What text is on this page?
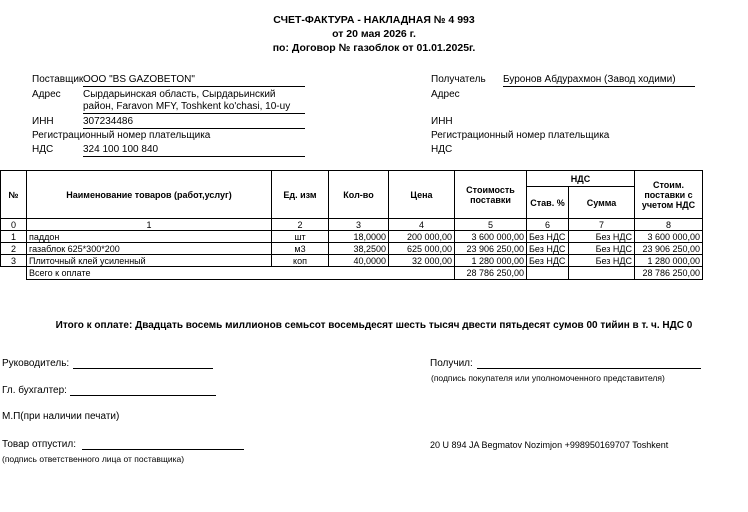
СЧЕТ-ФАКТУРА - НАКЛАДНАЯ № 4 993
от 20 мая 2026 г.
по: Договор № газоблок от 01.01.2025г.
Поставщик ООО "BS GAZOBETON"
Адрес Сырдарьинская область, Сырдарьинский
район, Faravon MFY, Toshkent ko'chasi, 10-uy
ИНН	307234486
Регистрационный номер плательщика
НДС	324 100 100 840
Получатель Буронов Абдурахмон (Завод ходими)
Адрес
ИНН
Регистрационный номер плательщика
НДС
№	Наименование товаров (работ,услуг)	Ед. изм	Кол-во	Цена	Стоимость поставки	НДС		Стоим. поставки с учетом НДС
						Став. %	Сумма	
0	1	2	3	4	5	6	7	8
1	паддон	шт	18,0000	200 000,00	3 600 000,00	Без НДС	Без НДС	3 600 000,00
2	газаблок 625*300*200	м3	38,2500	625 000,00	23 906 250,00	Без НДС	Без НДС	23 906 250,00
3	Плиточный клей усиленный	коп	40,0000	32 000,00	1 280 000,00	Без НДС	Без НДС	1 280 000,00
	Всего к оплате				28 786 250,00			28 786 250,00
Итого к оплате: Двадцать восемь миллионов семьсот восемьдесят шесть тысяч двести пятьдесят сумов 00 тийин в т. ч. НДС 0
Руководитель:
Гл. бухгалтер:
М.П(при наличии печати)
Товар отпустил:
(подпись ответственного лица от поставщика)
Получил:
(подпись покупателя или уполномоченного представителя)
20 U 894 JA Begmatov Nozimjon +998950169707 Toshkent
